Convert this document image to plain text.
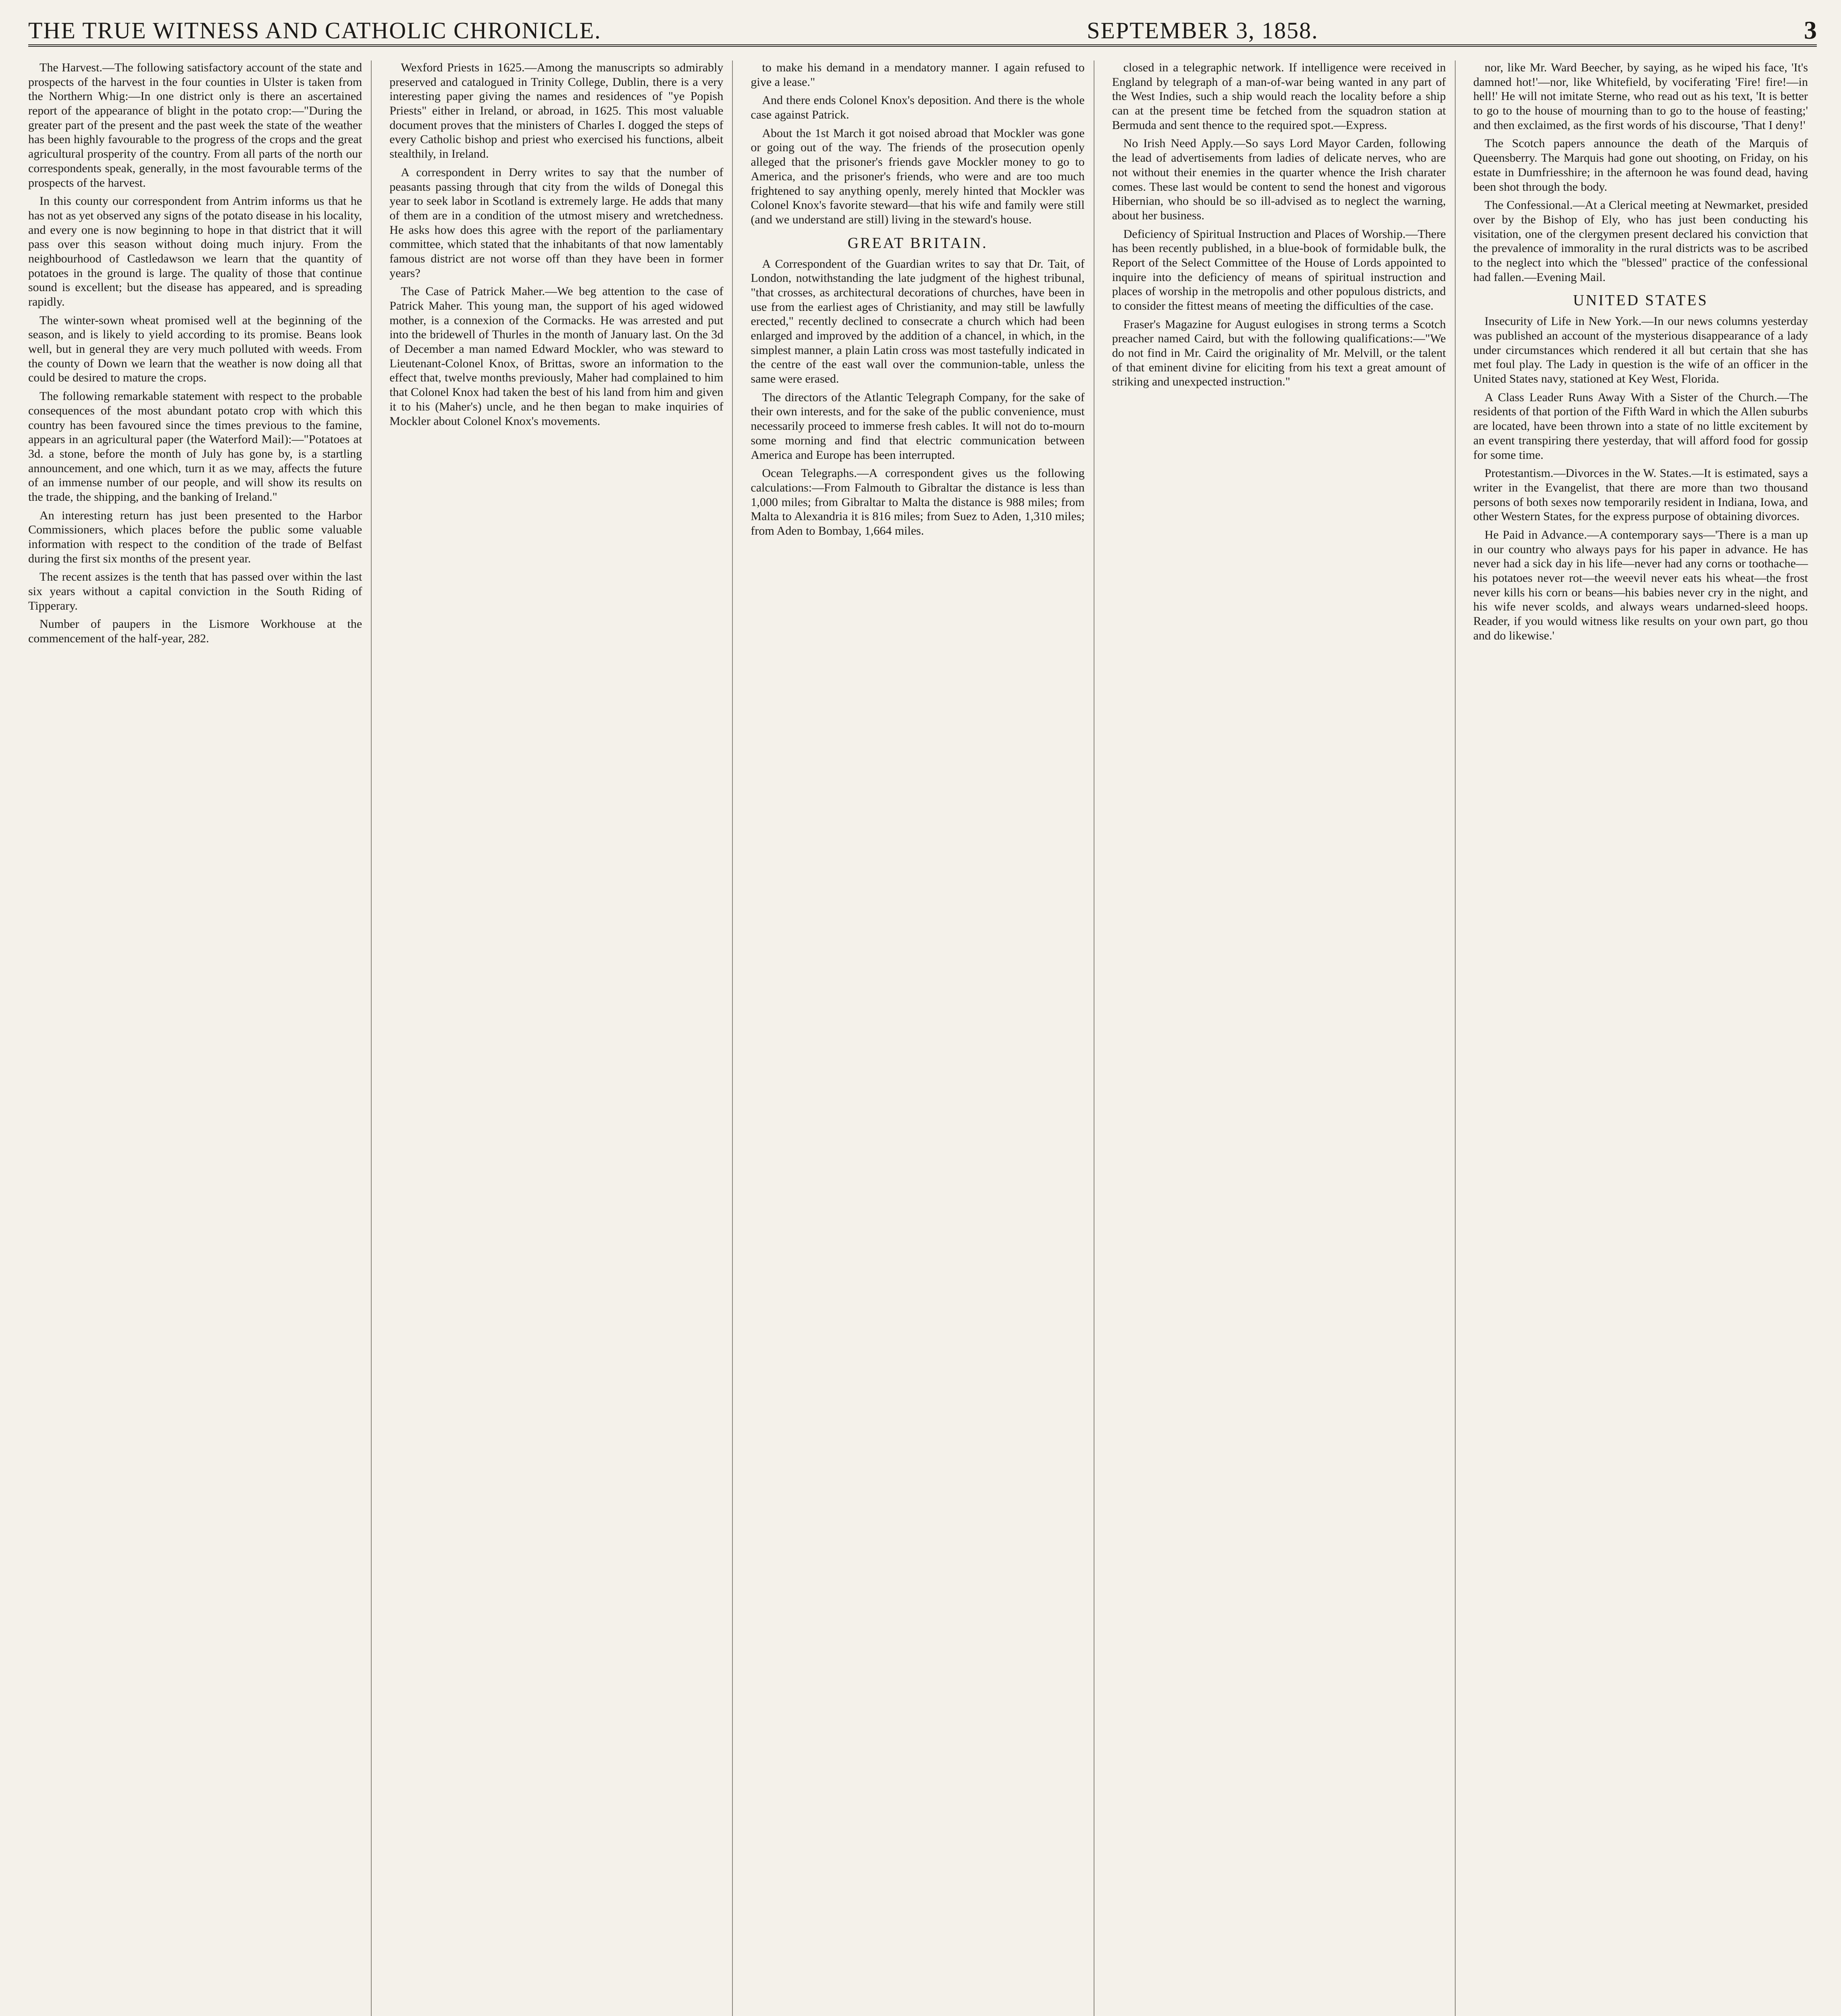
THE TRUE WITNESS AND CATHOLIC CHRONICLE.	SEPTEMBER 3, 1858.	3

The Harvest.—The following satisfactory account of the state and prospects of the harvest in the four counties in Ulster is taken from the Northern Whig:—In one district only is there an ascertained report of the appearance of blight in the potato crop:—"During the greater part of the present and the past week the state of the weather has been highly favourable to the progress of the crops and the great agricultural prosperity of the country. From all parts of the north our correspondents speak, generally, in the most favourable terms of the prospects of the harvest.

In this county our correspondent from Antrim informs us that he has not as yet observed any signs of the potato disease in his locality, and every one is now beginning to hope in that district that it will pass over this season without doing much injury. From the neighbourhood of Castledawson we learn that the quantity of potatoes in the ground is large. The quality of those that continue sound is excellent; but the disease has appeared, and is spreading rapidly.

The winter-sown wheat promised well at the beginning of the season, and is likely to yield according to its promise. Beans look well, but in general they are very much polluted with weeds. From the county of Down we learn that the weather is now doing all that could be desired to mature the crops.

The following remarkable statement with respect to the probable consequences of the most abundant potato crop with which this country has been favoured since the times previous to the famine, appears in an agricultural paper (the Waterford Mail):—"Potatoes at 3d. a stone, before the month of July has gone by, is a startling announcement, and one which, turn it as we may, affects the future of an immense number of our people, and will show its results on the trade, the shipping, and the banking of Ireland."

An interesting return has just been presented to the Harbor Commissioners, which places before the public some valuable information with respect to the condition of the trade of Belfast during the first six months of the present year.

The recent assizes is the tenth that has passed over within the last six years without a capital conviction in the South Riding of Tipperary.

Number of paupers in the Lismore Workhouse at the commencement of the half-year, 282.

Wexford Priests in 1625.—Among the manuscripts so admirably preserved and catalogued in Trinity College, Dublin, there is a very interesting paper giving the names and residences of "ye Popish Priests" either in Ireland, or abroad, in 1625. This most valuable document proves that the ministers of Charles I. dogged the steps of every Catholic bishop and priest who exercised his functions, albeit stealthily, in Ireland.

A correspondent in Derry writes to say that the number of peasants passing through that city from the wilds of Donegal this year to seek labor in Scotland is extremely large. He adds that many of them are in a condition of the utmost misery and wretchedness. He asks how does this agree with the report of the parliamentary committee, which stated that the inhabitants of that now lamentably famous district are not worse off than they have been in former years?

The Case of Patrick Maher.—We beg attention to the case of Patrick Maher. This young man, the support of his aged widowed mother, is a connexion of the Cormacks. He was arrested and put into the bridewell of Thurles in the month of January last. On the 3d of December a man named Edward Mockler, who was steward to Lieutenant-Colonel Knox, of Brittas, swore an information to the effect that, twelve months previously, Maher had complained to him that Colonel Knox had taken the best of his land from him and given it to his (Maher's) uncle, and he then began to make inquiries of Mockler about Colonel Knox's movements.

to make his demand in a mendatory manner. I again refused to give a lease."

And there ends Colonel Knox's deposition. And there is the whole case against Patrick.

About the 1st March it got noised abroad that Mockler was gone or going out of the way. The friends of the prosecution openly alleged that the prisoner's friends gave Mockler money to go to America, and the prisoner's friends, who were and are too much frightened to say anything openly, merely hinted that Mockler was Colonel Knox's favorite steward—that his wife and family were still (and we understand are still) living in the steward's house.

GREAT BRITAIN.

A Correspondent of the Guardian writes to say that Dr. Tait, of London, notwithstanding the late judgment of the highest tribunal, "that crosses, as architectural decorations of churches, have been in use from the earliest ages of Christianity, and may still be lawfully erected," recently declined to consecrate a church which had been enlarged and improved by the addition of a chancel, in which, in the simplest manner, a plain Latin cross was most tastefully indicated in the centre of the east wall over the communion-table, unless the same were erased.

The directors of the Atlantic Telegraph Company, for the sake of their own interests, and for the sake of the public convenience, must necessarily proceed to immerse fresh cables. It will not do to-mourn some morning and find that electric communication between America and Europe has been interrupted.

Ocean Telegraphs.—A correspondent gives us the following calculations:—From Falmouth to Gibraltar the distance is less than 1,000 miles; from Gibraltar to Malta the distance is 988 miles; from Malta to Alexandria it is 816 miles; from Suez to Aden, 1,310 miles; from Aden to Bombay, 1,664 miles.

closed in a telegraphic network. If intelligence were received in England by telegraph of a man-of-war being wanted in any part of the West Indies, such a ship would reach the locality before a ship can at the present time be fetched from the squadron station at Bermuda and sent thence to the required spot.—Express.

No Irish Need Apply.—So says Lord Mayor Carden, following the lead of advertisements from ladies of delicate nerves, who are not without their enemies in the quarter whence the Irish charater comes. These last would be content to send the honest and vigorous Hibernian, who should be so ill-advised as to neglect the warning, about her business.

Deficiency of Spiritual Instruction and Places of Worship.—There has been recently published, in a blue-book of formidable bulk, the Report of the Select Committee of the House of Lords appointed to inquire into the deficiency of means of spiritual instruction and places of worship in the metropolis and other populous districts, and to consider the fittest means of meeting the difficulties of the case.

Fraser's Magazine for August eulogises in strong terms a Scotch preacher named Caird, but with the following qualifications:—"We do not find in Mr. Caird the originality of Mr. Melvill, or the talent of that eminent divine for eliciting from his text a great amount of striking and unexpected instruction."

nor, like Mr. Ward Beecher, by saying, as he wiped his face, 'It's damned hot!'—nor, like Whitefield, by vociferating 'Fire! fire!—in hell!' He will not imitate Sterne, who read out as his text, 'It is better to go to the house of mourning than to go to the house of feasting;' and then exclaimed, as the first words of his discourse, 'That I deny!'

The Scotch papers announce the death of the Marquis of Queensberry. The Marquis had gone out shooting, on Friday, on his estate in Dumfriesshire; in the afternoon he was found dead, having been shot through the body.

The Confessional.—At a Clerical meeting at Newmarket, presided over by the Bishop of Ely, who has just been conducting his visitation, one of the clergymen present declared his conviction that the prevalence of immorality in the rural districts was to be ascribed to the neglect into which the "blessed" practice of the confessional had fallen.—Evening Mail.

UNITED STATES

Insecurity of Life in New York.—In our news columns yesterday was published an account of the mysterious disappearance of a lady under circumstances which rendered it all but certain that she has met foul play. The Lady in question is the wife of an officer in the United States navy, stationed at Key West, Florida.

A Class Leader Runs Away With a Sister of the Church.—The residents of that portion of the Fifth Ward in which the Allen suburbs are located, have been thrown into a state of no little excitement by an event transpiring there yesterday, that will afford food for gossip for some time.

Protestantism.—Divorces in the W. States.—It is estimated, says a writer in the Evangelist, that there are more than two thousand persons of both sexes now temporarily resident in Indiana, Iowa, and other Western States, for the express purpose of obtaining divorces.

He Paid in Advance.—A contemporary says—'There is a man up in our country who always pays for his paper in advance. He has never had a sick day in his life—never had any corns or toothache—his potatoes never rot—the weevil never eats his wheat—the frost never kills his corn or beans—his babies never cry in the night, and his wife never scolds, and always wears undarned-sleed hoops. Reader, if you would witness like results on your own part, go thou and do likewise.'
